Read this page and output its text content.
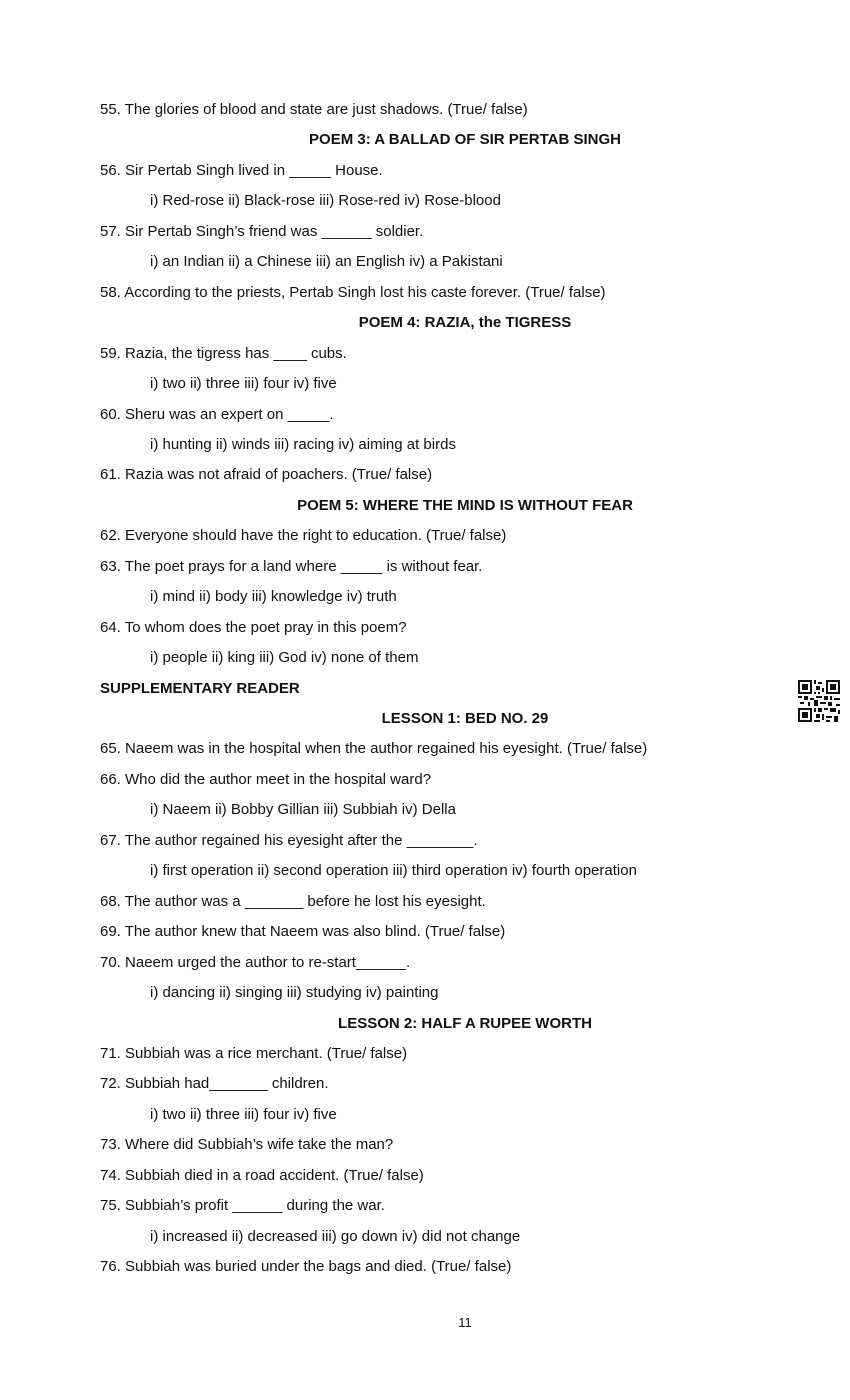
55. The glories of blood and state are just shadows. (True/ false)
POEM 3: A BALLAD OF SIR PERTAB SINGH
56. Sir Pertab Singh lived in _____ House.
i) Red-rose ii) Black-rose iii) Rose-red iv) Rose-blood
57. Sir Pertab Singh’s friend was ______ soldier.
i) an Indian ii) a Chinese iii) an English iv) a Pakistani
58. According to the priests, Pertab Singh lost his caste forever. (True/ false)
POEM 4: RAZIA, the TIGRESS
59. Razia, the tigress has ____ cubs.
i) two ii) three iii) four iv) five
60. Sheru was an expert on _____.
i) hunting ii) winds iii) racing iv) aiming at birds
61. Razia was not afraid of poachers. (True/ false)
POEM 5: WHERE THE MIND IS WITHOUT FEAR
62. Everyone should have the right to education. (True/ false)
63. The poet prays for a land where _____ is without fear.
i) mind ii) body iii) knowledge iv) truth
64. To whom does the poet pray in this poem?
i) people ii) king iii) God iv) none of them
SUPPLEMENTARY READER
LESSON 1: BED NO. 29
65. Naeem was in the hospital when the author regained his eyesight. (True/ false)
66. Who did the author meet in the hospital ward?
i) Naeem ii) Bobby Gillian iii) Subbiah iv) Della
67. The author regained his eyesight after the ________.
i) first operation ii) second operation iii) third operation iv) fourth operation
68. The author was a _______ before he lost his eyesight.
69. The author knew that Naeem was also blind. (True/ false)
70. Naeem urged the author to re-start______.
i) dancing ii) singing iii) studying iv) painting
LESSON 2: HALF A RUPEE WORTH
71. Subbiah was a rice merchant. (True/ false)
72. Subbiah had_______ children.
i) two ii) three iii) four iv) five
73. Where did Subbiah’s wife take the man?
74. Subbiah died in a road accident. (True/ false)
75. Subbiah’s profit ______ during the war.
i) increased ii) decreased iii) go down iv) did not change
76. Subbiah was buried under the bags and died. (True/ false)
11
